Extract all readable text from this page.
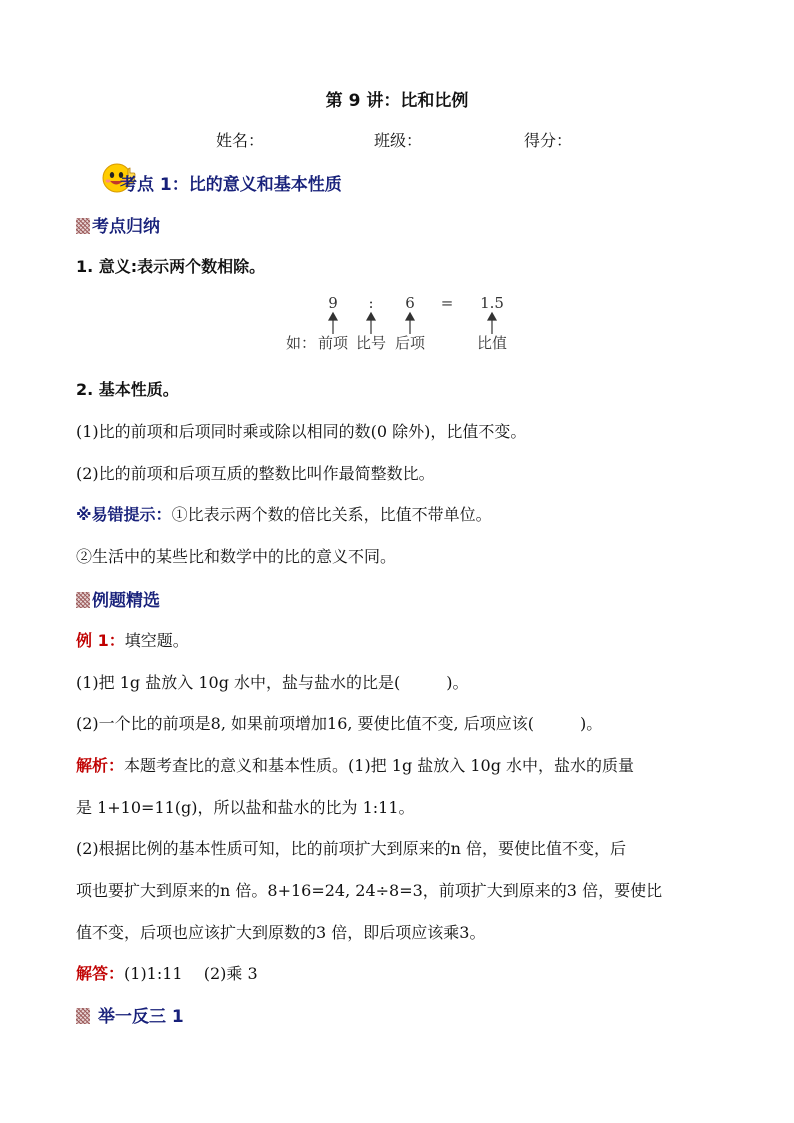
第 9 讲：比和比例
姓名：	班级：	得分：
考点 1：比的意义和基本性质
考点归纳
1. 意义:表示两个数相除。
如：
9 : 6 = 1.5
前项 比号 后项	比值
2. 基本性质。
(1)比的前项和后项同时乘或除以相同的数(0 除外)，比值不变。
(2)比的前项和后项互质的整数比叫作最简整数比。
※易错提示：①比表示两个数的倍比关系，比值不带单位。
②生活中的某些比和数学中的比的意义不同。
例题精选
例 1：填空题。
(1)把 1g 盐放入 10g 水中，盐与盐水的比是(	)。
(2)一个比的前项是8, 如果前项增加16, 要使比值不变, 后项应该(	)。
解析：本题考查比的意义和基本性质。(1)把 1g 盐放入 10g 水中，盐水的质量
是 1+10=11(g)，所以盐和盐水的比为 1:11。
(2)根据比例的基本性质可知，比的前项扩大到原来的n 倍，要使比值不变，后
项也要扩大到原来的n 倍。8+16=24, 24÷8=3，前项扩大到原来的3 倍，要使比
值不变，后项也应该扩大到原数的3 倍，即后项应该乘3。
解答：(1)1:11　 (2)乘 3
举一反三 1
